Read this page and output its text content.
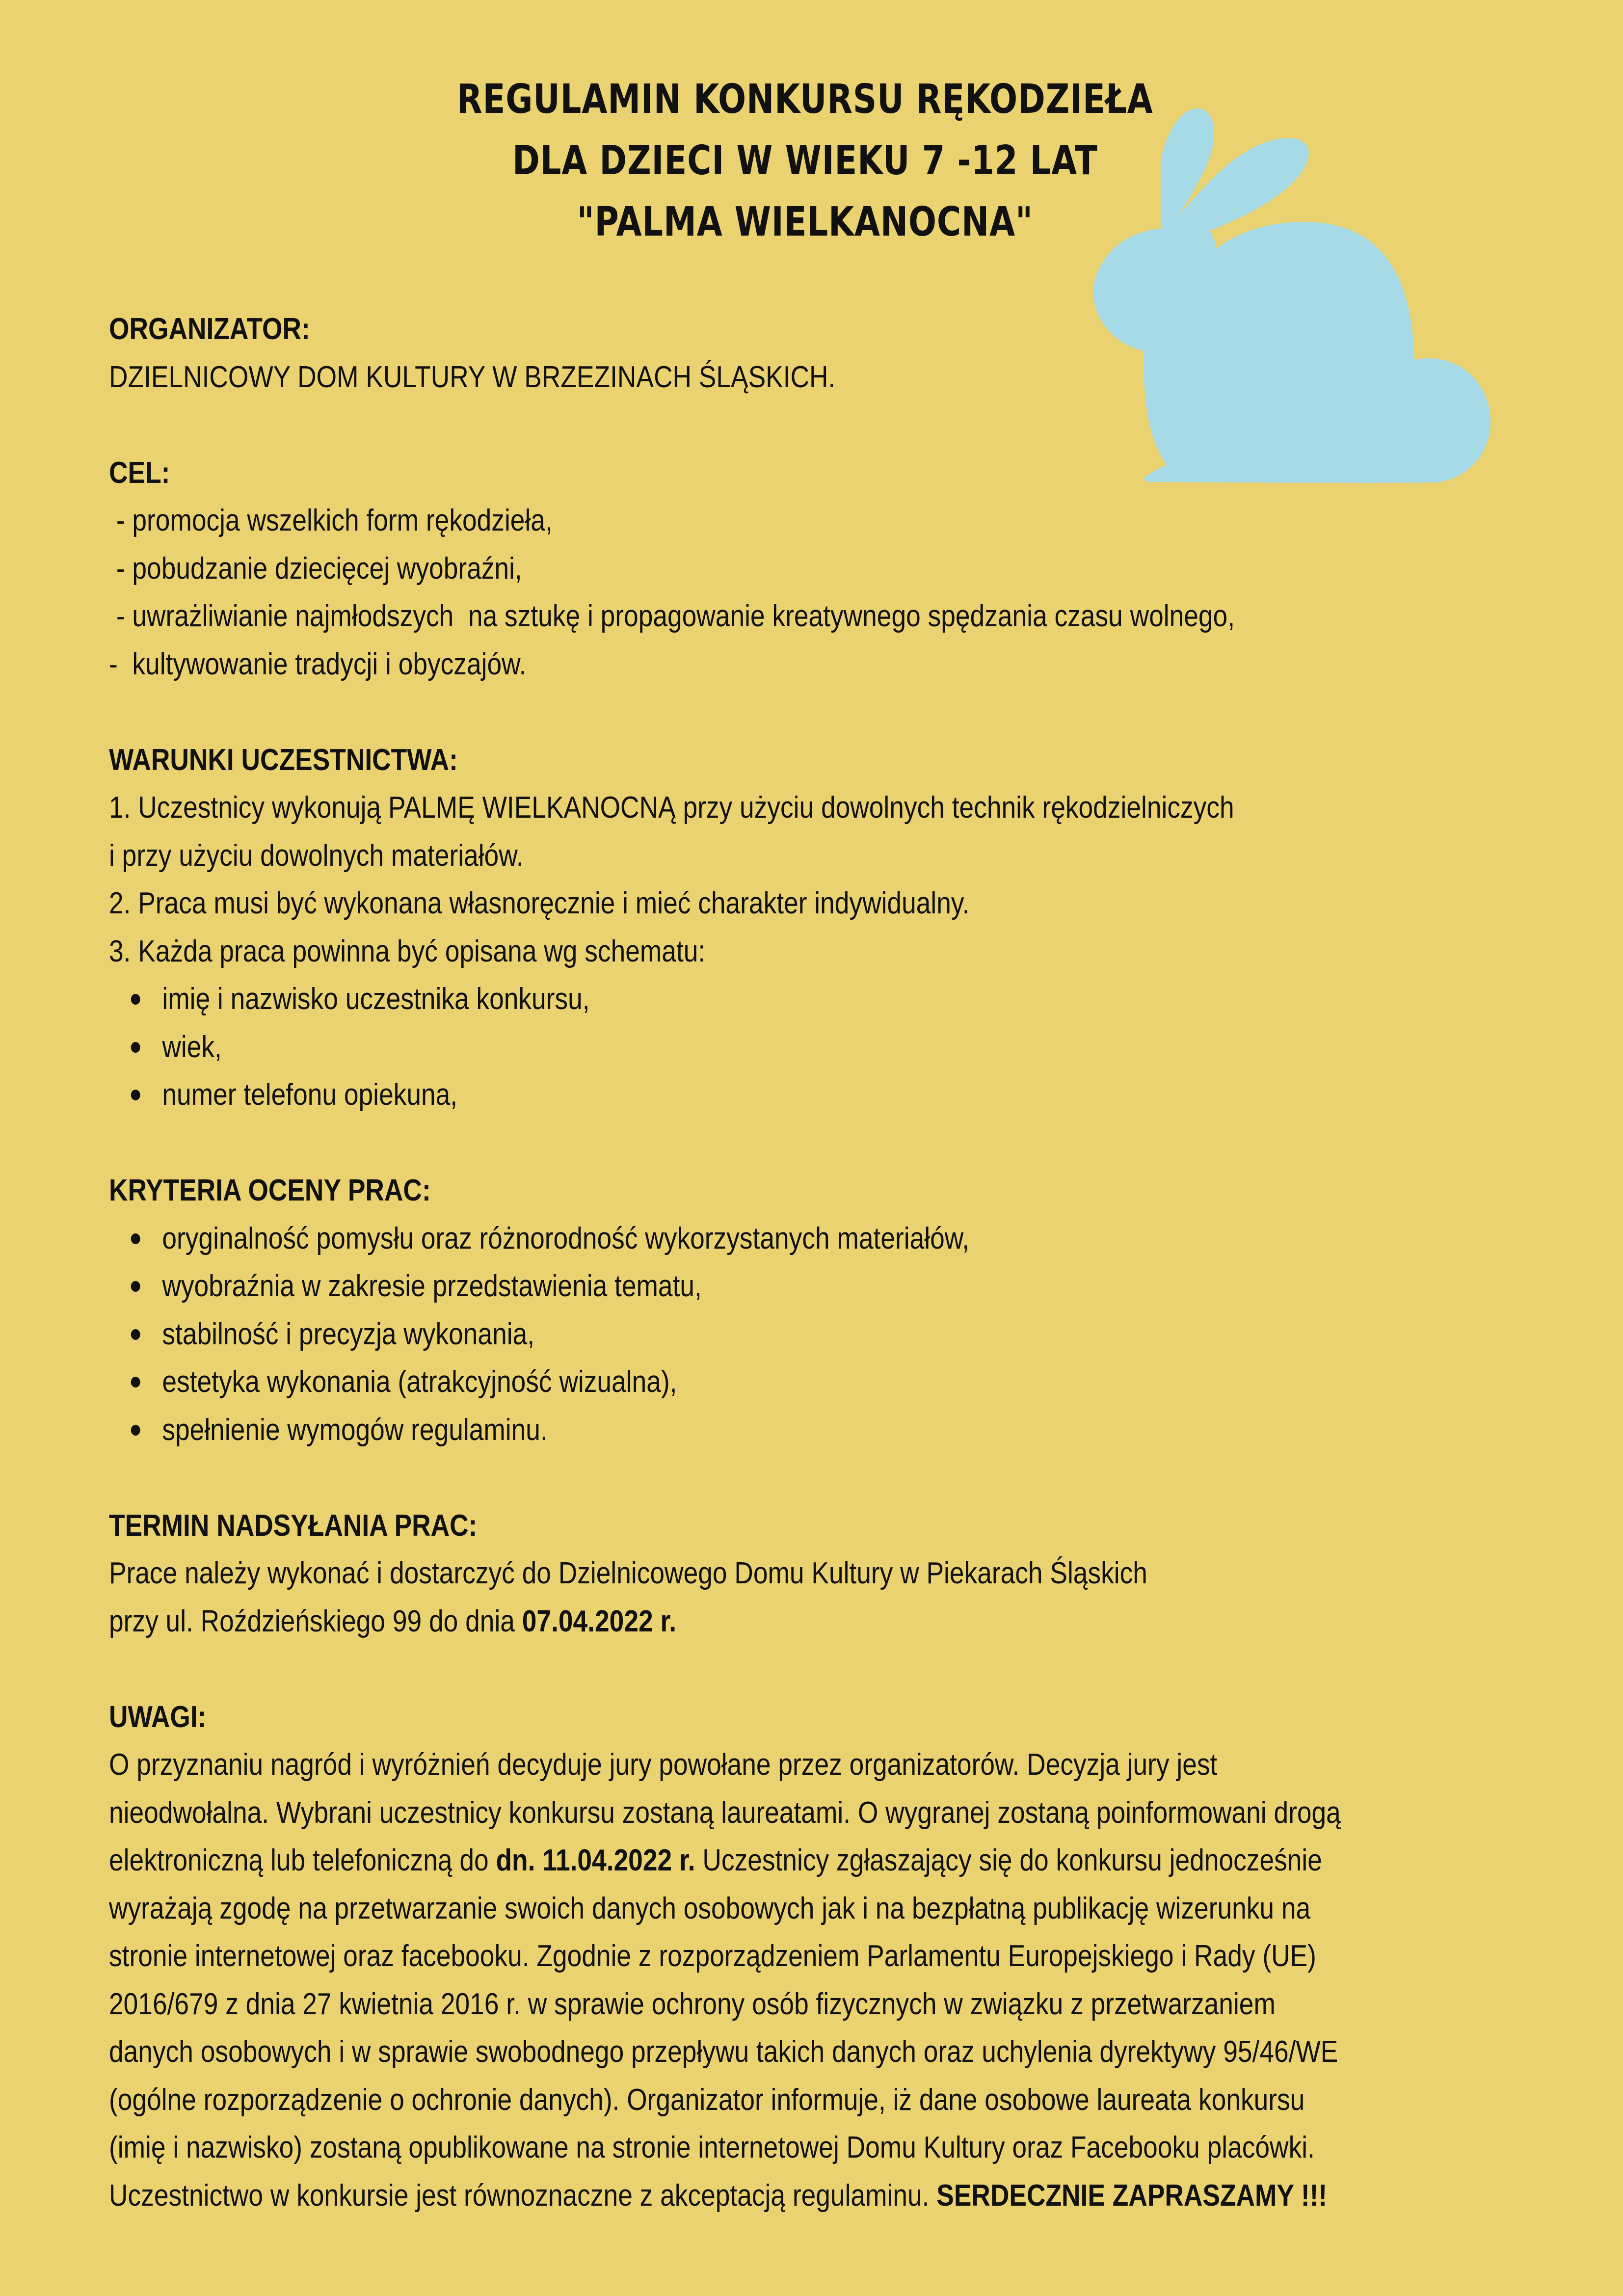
REGULAMIN KONKURSU RĘKODZIEŁA
DLA DZIECI W WIEKU 7 -12 LAT
"PALMA WIELKANOCNA"
ORGANIZATOR:
DZIELNICOWY DOM KULTURY W BRZEZINACH ŚLĄSKICH.
CEL:
- promocja wszelkich form rękodzieła,
- pobudzanie dziecięcej wyobraźni,
- uwrażliwianie najmłodszych  na sztukę i propagowanie kreatywnego spędzania czasu wolnego,
-  kultywowanie tradycji i obyczajów.
WARUNKI UCZESTNICTWA:
1. Uczestnicy wykonują PALMĘ WIELKANOCNĄ przy użyciu dowolnych technik rękodzielniczych
i przy użyciu dowolnych materiałów.
2. Praca musi być wykonana własnoręcznie i mieć charakter indywidualny.
3. Każda praca powinna być opisana wg schematu:
imię i nazwisko uczestnika konkursu,
wiek,
numer telefonu opiekuna,
KRYTERIA OCENY PRAC:
oryginalność pomysłu oraz różnorodność wykorzystanych materiałów,
wyobraźnia w zakresie przedstawienia tematu,
stabilność i precyzja wykonania,
estetyka wykonania (atrakcyjność wizualna),
spełnienie wymogów regulaminu.
TERMIN NADSYŁANIA PRAC:
Prace należy wykonać i dostarczyć do Dzielnicowego Domu Kultury w Piekarach Śląskich
przy ul. Roździeńskiego 99 do dnia 07.04.2022 r.
UWAGI:
O przyznaniu nagród i wyróżnień decyduje jury powołane przez organizatorów. Decyzja jury jest
nieodwołalna. Wybrani uczestnicy konkursu zostaną laureatami. O wygranej zostaną poinformowani drogą
elektroniczną lub telefoniczną do dn. 11.04.2022 r. Uczestnicy zgłaszający się do konkursu jednocześnie
wyrażają zgodę na przetwarzanie swoich danych osobowych jak i na bezpłatną publikację wizerunku na
stronie internetowej oraz facebooku. Zgodnie z rozporządzeniem Parlamentu Europejskiego i Rady (UE)
2016/679 z dnia 27 kwietnia 2016 r. w sprawie ochrony osób fizycznych w związku z przetwarzaniem
danych osobowych i w sprawie swobodnego przepływu takich danych oraz uchylenia dyrektywy 95/46/WE
(ogólne rozporządzenie o ochronie danych). Organizator informuje, iż dane osobowe laureata konkursu
(imię i nazwisko) zostaną opublikowane na stronie internetowej Domu Kultury oraz Facebooku placówki.
Uczestnictwo w konkursie jest równoznaczne z akceptacją regulaminu. SERDECZNIE ZAPRASZAMY !!!
